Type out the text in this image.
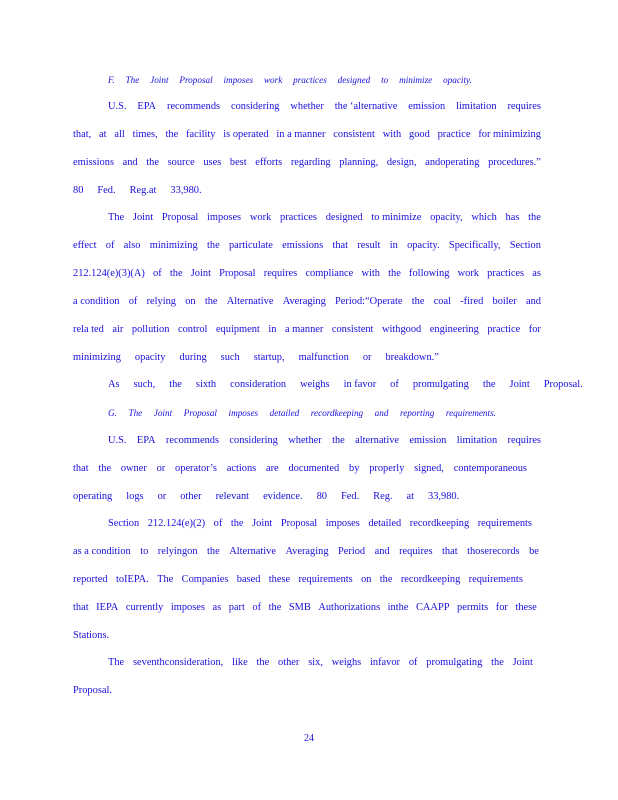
F. The Joint Proposal imposes work practices designed to minimize opacity.
U.S. EPA recommends considering whether the ‘alternative emission limitation requires
that, at all times, the facility is operated in a manner consistent with good practice for minimizing
emissions and the source uses best efforts regarding planning, design, andoperating procedures.”
80 Fed. Reg.at 33,980.
The Joint Proposal imposes work practices designed to minimize opacity, which has the
effect of also minimizing the particulate emissions that result in opacity. Specifically, Section
212.124(e)(3)(A) of the Joint Proposal requires compliance with the following work practices as
a condition of relying on the Alternative Averaging Period:“Operate the coal -fired boiler and
rela ted air pollution control equipment in a manner consistent withgood engineering practice for
minimizing opacity during such startup, malfunction or breakdown.”
As such, the sixth consideration weighs in favor of promulgating the Joint Proposal.
G. The Joint Proposal imposes detailed recordkeeping and reporting requirements.
U.S. EPA recommends considering whether the alternative emission limitation requires
that the owner or operator’s actions are documented by properly signed, contemporaneous
operating logs or other relevant evidence. 80 Fed. Reg. at 33,980.
Section 212.124(e)(2) of the Joint Proposal imposes detailed recordkeeping requirements
as a condition to relyingon the Alternative Averaging Period and requires that thoserecords be
reported toIEPA. The Companies based these requirements on the recordkeeping requirements
that IEPA currently imposes as part of the SMB Authorizations inthe CAAPP permits for these
Stations.
The seventhconsideration, like the other six, weighs infavor of promulgating the Joint
Proposal.
24
